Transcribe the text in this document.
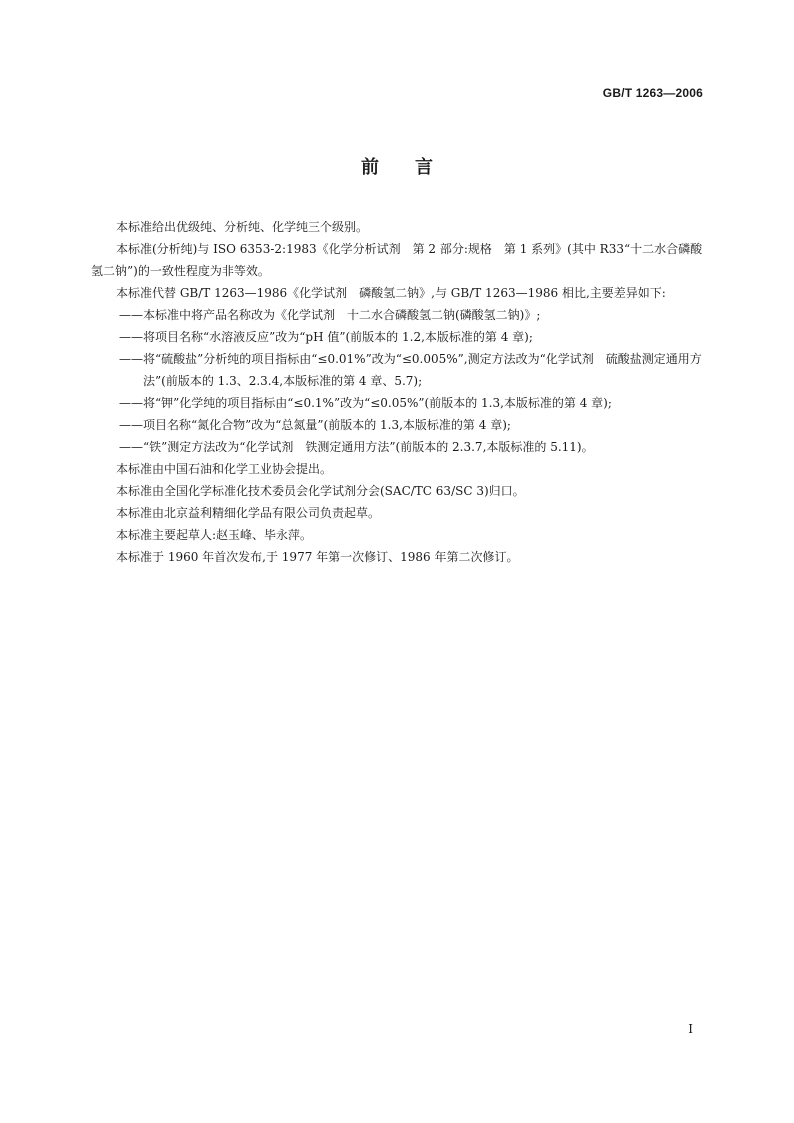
GB/T 1263—2006
前 言

本标准给出优级纯、分析纯、化学纯三个级别。

本标准(分析纯)与 ISO 6353-2:1983《化学分析试剂　第 2 部分:规格　第 1 系列》(其中 R33“十二水合磷酸氢二钠”)的一致性程度为非等效。

本标准代替 GB/T 1263—1986《化学试剂　磷酸氢二钠》,与 GB/T 1263—1986 相比,主要差异如下:

——本标准中将产品名称改为《化学试剂　十二水合磷酸氢二钠(磷酸氢二钠)》;

——将项目名称“水溶液反应”改为“pH 值”(前版本的 1.2,本版标准的第 4 章);

——将“硫酸盐”分析纯的项目指标由“≤0.01%”改为“≤0.005%”,测定方法改为“化学试剂　硫酸盐测定通用方法”(前版本的 1.3、2.3.4,本版标准的第 4 章、5.7);

——将“钾”化学纯的项目指标由“≤0.1%”改为“≤0.05%”(前版本的 1.3,本版标准的第 4 章);

——项目名称“氮化合物”改为“总氮量”(前版本的 1.3,本版标准的第 4 章);

——“铁”测定方法改为“化学试剂　铁测定通用方法”(前版本的 2.3.7,本版标准的 5.11)。

本标准由中国石油和化学工业协会提出。

本标准由全国化学标准化技术委员会化学试剂分会(SAC/TC 63/SC 3)归口。

本标准由北京益利精细化学品有限公司负责起草。

本标准主要起草人:赵玉峰、毕永萍。

本标准于 1960 年首次发布,于 1977 年第一次修订、1986 年第二次修订。

I
